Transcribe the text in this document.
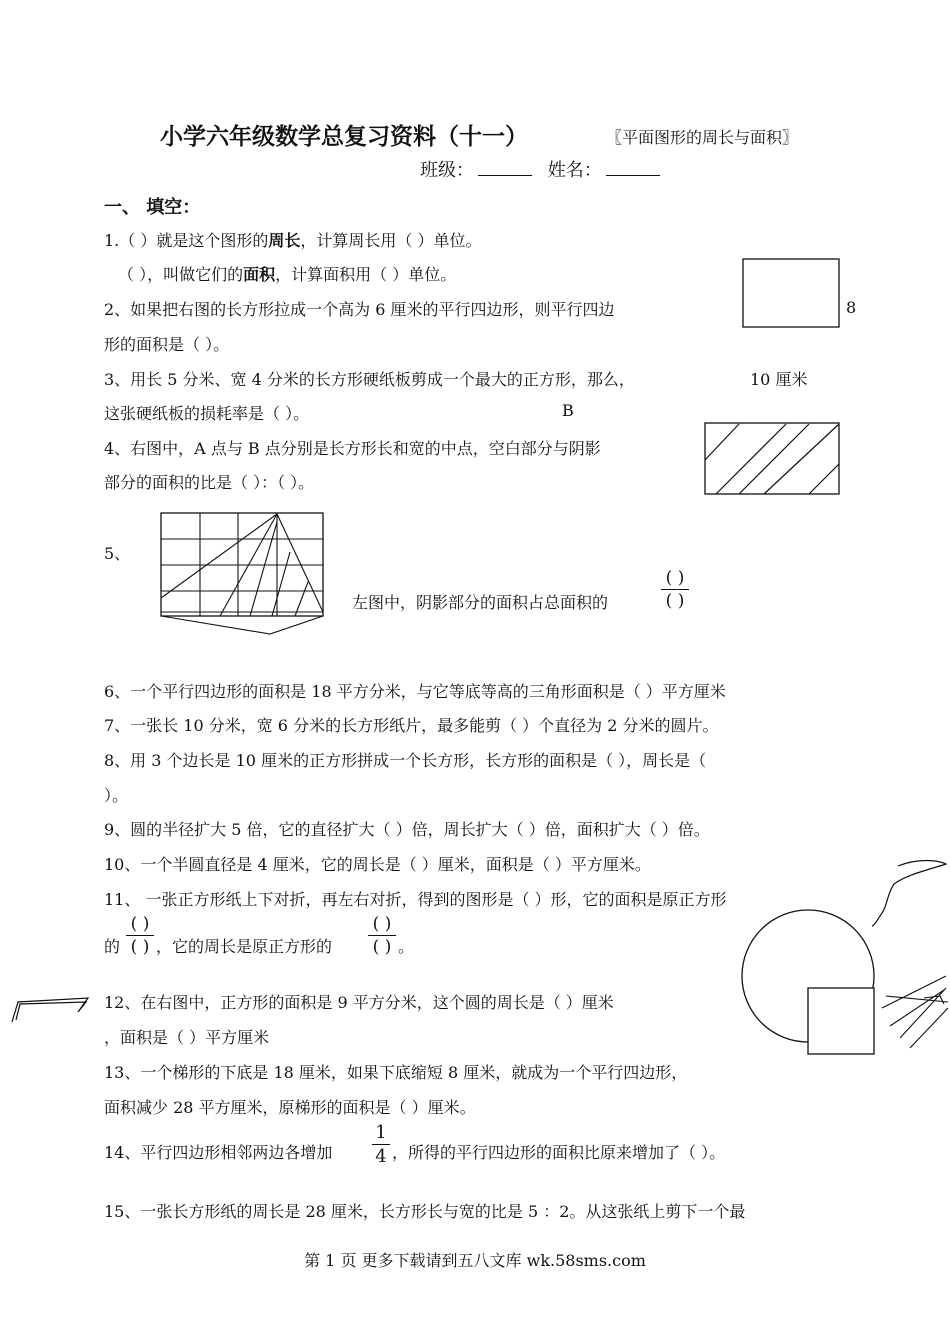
小学六年级数学总复习资料（十一）	〖平面图形的周长与面积〗
班级：	姓名：
一、 填空：
1.（ ）就是这个图形的周长，计算周长用（ ）单位。
（ ），叫做它们的面积，计算面积用（ ）单位。
2、如果把右图的长方形拉成一个高为 6 厘米的平行四边形，则平行四边
形的面积是（ ）。
8
3、用长 5 分米、宽 4 分米的长方形硬纸板剪成一个最大的正方形，那么，	10 厘米
这张硬纸板的损耗率是（ ）。	B
4、右图中，A 点与 B 点分别是长方形长和宽的中点，空白部分与阴影
部分的面积的比是（ ）：（ ）。
5、
左图中，阴影部分的面积占总面积的
( )
( )
6、一个平行四边形的面积是 18 平方分米，与它等底等高的三角形面积是（ ）平方厘米
7、一张长 10 分米，宽 6 分米的长方形纸片，最多能剪（ ）个直径为 2 分米的圆片。
8、用 3 个边长是 10 厘米的正方形拼成一个长方形，长方形的面积是（ ），周长是（
）。
9、圆的半径扩大 5 倍，它的直径扩大（ ）倍，周长扩大（ ）倍，面积扩大（ ）倍。
10、一个半圆直径是 4 厘米，它的周长是（ ）厘米，面积是（ ）平方厘米。
11、 一张正方形纸上下对折，再左右对折，得到的图形是（ ）形，它的面积是原正方形
的
( )
( ) ，它的周长是原正方形的
( )
( ) 。
12、在右图中，正方形的面积是 9 平方分米，这个圆的周长是（ ）厘米
，面积是（ ）平方厘米
13、一个梯形的下底是 18 厘米，如果下底缩短 8 厘米，就成为一个平行四边形，
面积减少 28 平方厘米，原梯形的面积是（ ）厘米。
14、平行四边形相邻两边各增加
1
4 ，所得的平行四边形的面积比原来增加了（ ）。
15、一张长方形纸的周长是 28 厘米，长方形长与宽的比是 5 ：2。从这张纸上剪下一个最
第 1 页 更多下载请到五八文库 wk.58sms.com
